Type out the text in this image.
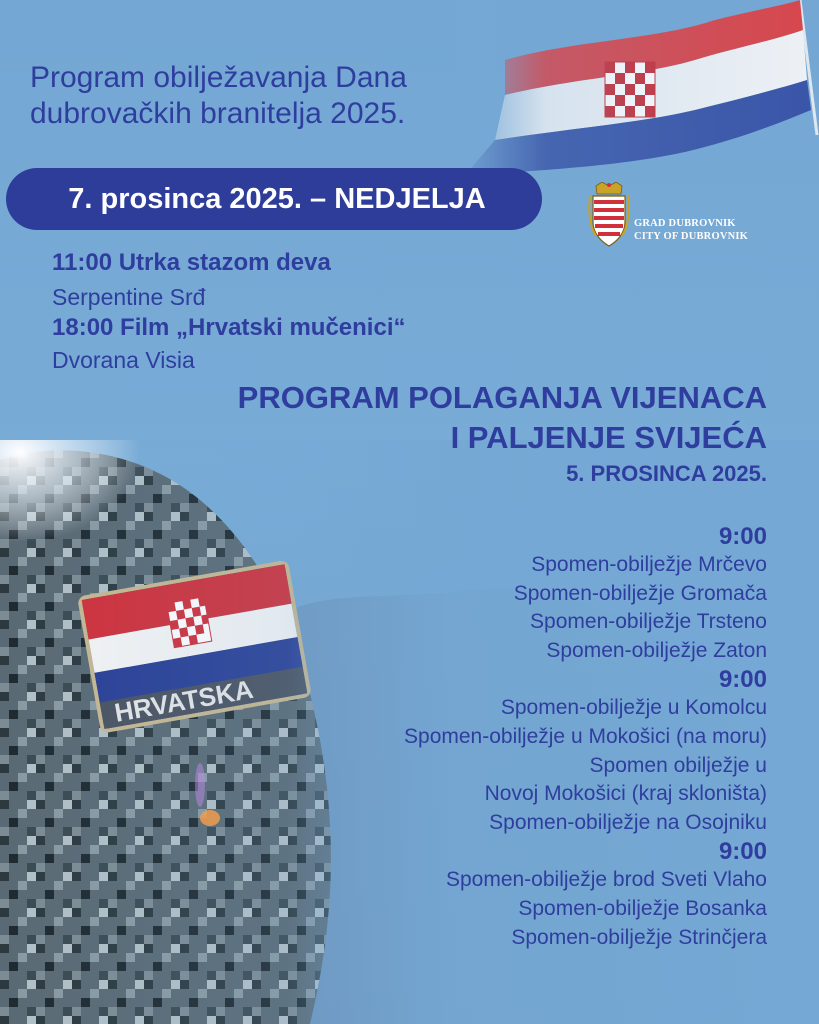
Program obilježavanja Dana
dubrovačkih branitelja 2025.
7. prosinca 2025. – NEDJELJA
GRAD DUBROVNIK
CITY OF DUBROVNIK
11:00 Utrka stazom deva
Serpentine Srđ
18:00 Film „Hrvatski mučenici“
Dvorana Visia
PROGRAM POLAGANJA VIJENACA
I PALJENJE SVIJEĆA
5. PROSINCA 2025.
9:00
Spomen-obilježje Mrčevo
Spomen-obilježje Gromača
Spomen-obilježje Trsteno
Spomen-obilježje Zaton
9:00
Spomen-obilježje u Komolcu
Spomen-obilježje u Mokošici (na moru)
Spomen obilježje u
Novoj Mokošici (kraj skloništa)
Spomen-obilježje na Osojniku
9:00
Spomen-obilježje brod Sveti Vlaho
Spomen-obilježje Bosanka
Spomen-obilježje Strinčjera
